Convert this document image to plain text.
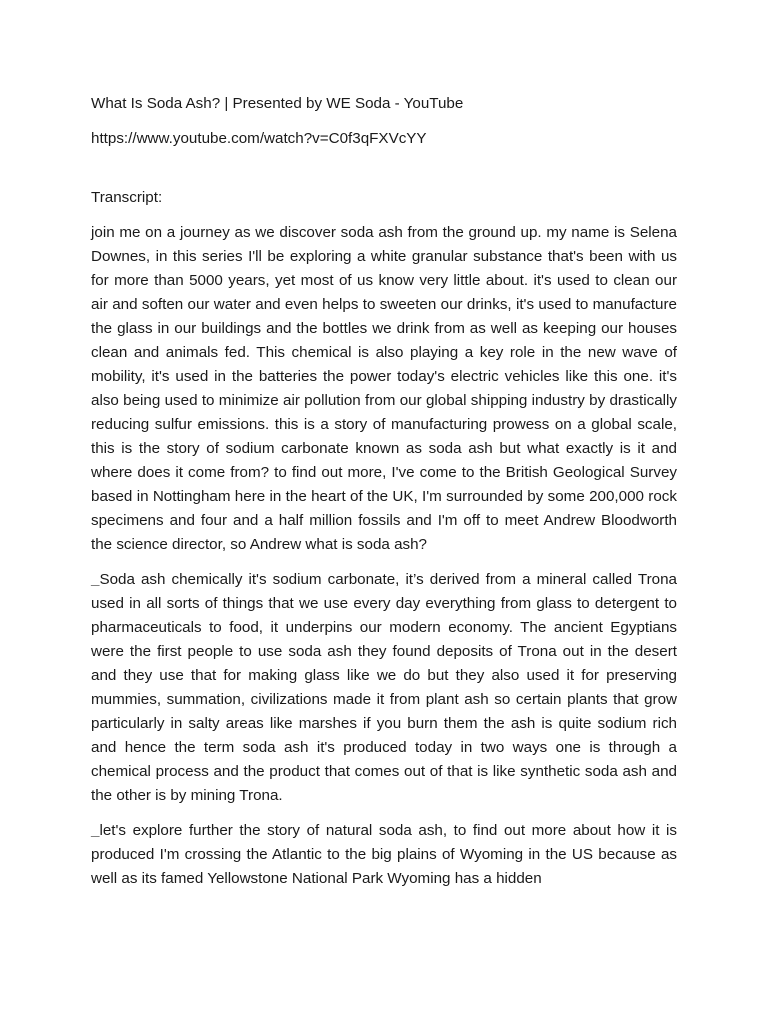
What Is Soda Ash? | Presented by WE Soda - YouTube

https://www.youtube.com/watch?v=C0f3qFXVcYY

Transcript:

join me on a journey as we discover soda ash from the ground up. my name is Selena Downes, in this series I'll be exploring a white granular substance that's been with us for more than 5000 years, yet most of us know very little about. it's used to clean our air and soften our water and even helps to sweeten our drinks, it's used to manufacture the glass in our buildings and the bottles we drink from as well as keeping our houses clean and animals fed. This chemical is also playing a key role in the new wave of mobility, it's used in the batteries the power today's electric vehicles like this one. it's also being used to minimize air pollution from our global shipping industry by drastically reducing sulfur emissions. this is a story of manufacturing prowess on a global scale, this is the story of sodium carbonate known as soda ash but what exactly is it and where does it come from? to find out more, I've come to the British Geological Survey based in Nottingham here in the heart of the UK, I'm surrounded by some 200,000 rock specimens and four and a half million fossils and I'm off to meet Andrew Bloodworth the science director, so Andrew what is soda ash?

_Soda ash chemically it's sodium carbonate, it’s derived from a mineral called Trona used in all sorts of things that we use every day everything from glass to detergent to pharmaceuticals to food, it underpins our modern economy. The ancient Egyptians were the first people to use soda ash they found deposits of Trona out in the desert and they use that for making glass like we do but they also used it for preserving mummies, summation, civilizations made it from plant ash so certain plants that grow particularly in salty areas like marshes if you burn them the ash is quite sodium rich and hence the term soda ash it's produced today in two ways one is through a chemical process and the product that comes out of that is like synthetic soda ash and the other is by mining Trona.

_let's explore further the story of natural soda ash, to find out more about how it is produced I'm crossing the Atlantic to the big plains of Wyoming in the US because as well as its famed Yellowstone National Park Wyoming has a hidden
